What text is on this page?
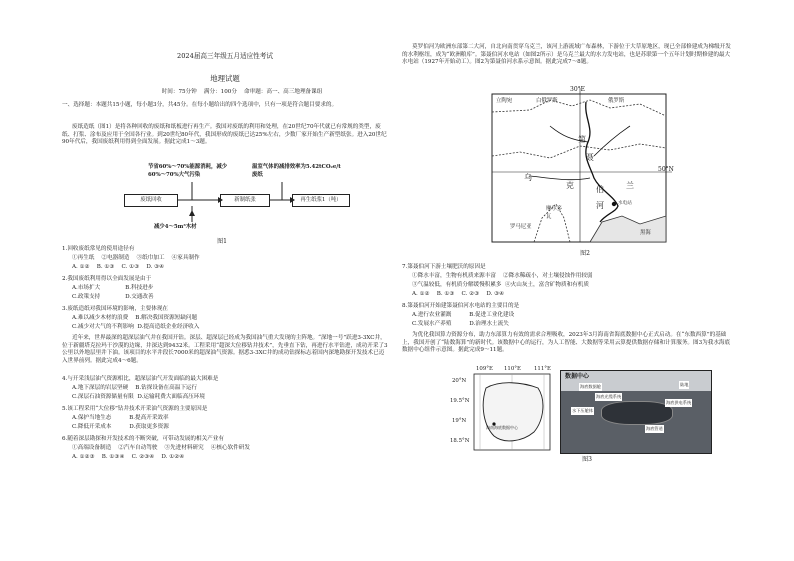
2024届高三年级五月适应性考试
地理试题
时间：75分钟    满分：100分    命审题：高一、高三地理备课组
一、选择题：本题共15小题，每小题3分，共45分。在每小题给出的四个选项中，只有一项是符合题目要求的。
废纸造纸（图1）是将各种回收的废纸和纸板进行再生产。我国对废纸的利用和处理，在20世纪70年代就已有常规的类型，废纸、打浆、涂布及应用于全国各行业。到20世纪80年代，我国形成的废纸已达25%左右，少数厂家开始生产新型纸张。进入20世纪90年代后，我国废纸利用得到全面发展。据此完成1～3题。
节省60%～70%能源消耗，减少60%～70%大气污染
温室气体的减排效率为5.42tCO₂e/t废纸
废纸回收	新制纸张	再生纸浆1（吨）
减少4～5m³木材
图1
1.回收废纸常见的使用途径有
①再生纸    ②电器制造    ③纸巾加工    ④家具制作
A. ①②    B. ①③    C. ①③    D. ③④
2.我国废纸利用得以全面发展是由于
A.市场扩大              B.科技进步
C.政策支持              D.交通改善
3.废纸造纸对我国环境的影响，主要体现在
A.难以减少木材的浪费    B.解决我国资源短缺问题
C.减少对大气的不利影响  D.提高造纸企业经济收入
近年来，世界最深的超深层油气井在我国开钻。深层、超深层已经成为我国油气重大发现的主阵地。“深地一号”跃进3-3XC井，位于新疆塔克拉玛干沙漠的边缘，井深达到9432米。工程采用“超深大位移钻井技术”，先垂直下钻，再进行水平钻进，成功开采了3公里以外地层里井下油。该项目的水平井段长7000米的超深油气资源。据悉3-3XC井的成功钻探标志着国内深地勘探开发技术已迈入世界前列。据此完成4～6题。
4.与开采浅层油气资源相比，超深层油气开发面临的最大困难是
A.地下深层的岩层坚硬    B.钻探设备在高温下运行
C.深层石油资源储量有限  D.运输耗费大面临高压环境
5.该工程采用“大位移”钻井技术开采油气资源的主要原因是
A.保护当地生态          B.提高开采效率
C.降低开采成本          D.获取更多资源
6.随着深层勘探和开发技术的不断突破，可带动发展的相关产业有
①高端设备制造    ②汽车自动驾驶    ③先进材料研究    ④核心软件研发
A. ①②③    B. ①③④    C. ②③④    D. ①②④
莫罗伯河为欧洲东部第二大河，自北向南贯穿乌克兰，该河上游流域广布森林，下游位于大草原地区，现已全部修建成为梯级开发的水利枢纽，成为“欧洲粮库”。第聂伯河水电站（如图2所示）是乌克兰最大的水力发电站，也是苏联第一个五年计划时期修建的最大水电站（1927年开始动工）。图2为第聂伯河水系示意图。据此完成7～8题。
30°E
50°N
立陶宛	白俄罗斯	俄罗斯
第
聂
乌
克	伯	兰
河
摩尔多瓦
罗马尼亚
黑海
水电站
图2
7.第聂伯河下游土壤肥沃的原因是
①降水丰富，生物有机质来源丰富    ②降水稀疏小，对土壤侵蚀作用较弱
③气温较低，有机质分解缓慢积累多  ④火山灰土，富含矿物质和有机质
A. ①②    B. ①③    C. ②③    D. ③④
8.第聂伯河开始建第聂伯河水电站的主要目的是
A.进行农业灌溉          B.促进工业化建设
C.发展水产养殖          D.治理水土流失
为优化我国算力资源分布，助力东部算力有效的需求合理吸收，2023年3月海南省海底数据中心正式启动。在“东数西算”的基础上，我国开创了“陆数海算”的新时代。该数据中心的运行，为人工智能、大数据等采用云算提供数据存储和计算服务。图3为我水海底数据中心组件示意图。据此完成9～11题。
109°E 110°E 111°E
20°N
19.5°N
19°N
18.5°N
海南海底数据中心
数据中心
海底数据舱
海底光缆系统
水下压舱体
海底供电系统
海底管道
陆地
图3
